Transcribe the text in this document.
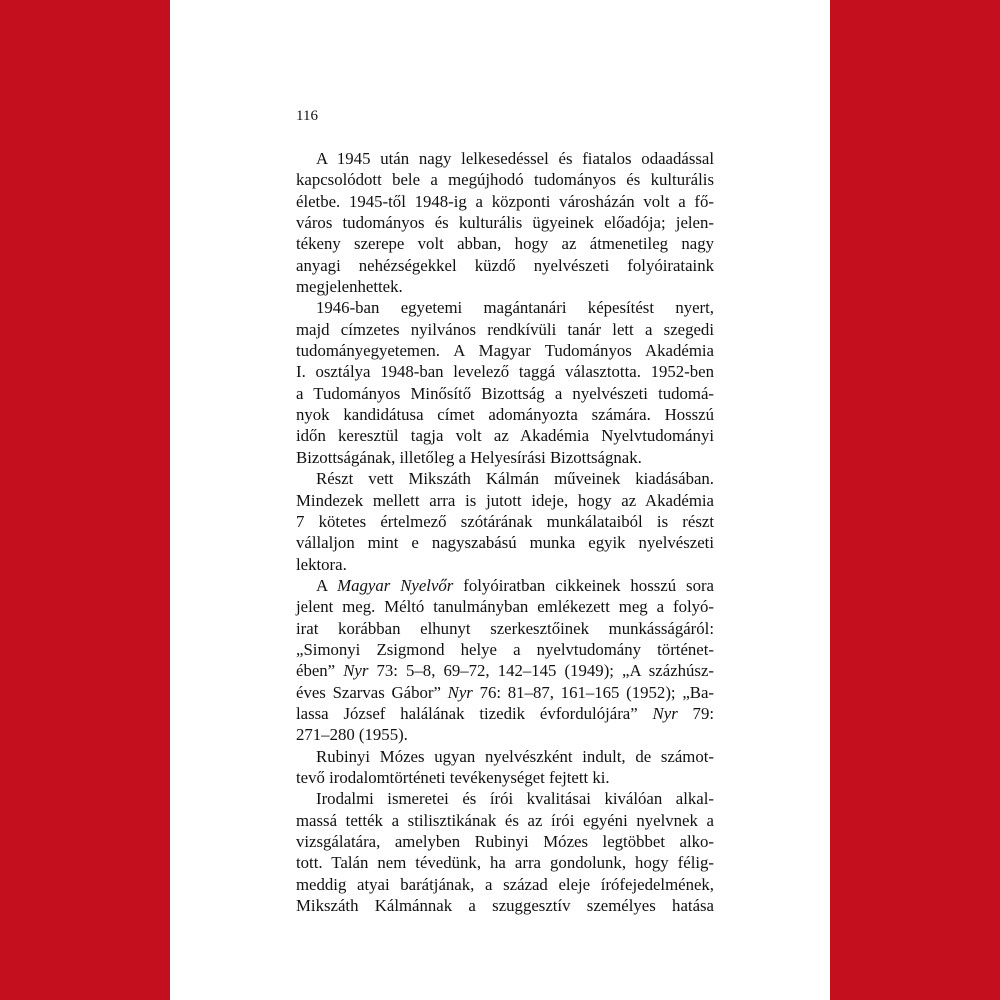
116
A 1945 után nagy lelkesedéssel és fiatalos odaadással
kapcsolódott bele a megújhodó tudományos és kulturális
életbe. 1945-től 1948-ig a központi városházán volt a fő-
város tudományos és kulturális ügyeinek előadója; jelen-
tékeny szerepe volt abban, hogy az átmenetileg nagy
anyagi nehézségekkel küzdő nyelvészeti folyóirataink
megjelenhettek.
1946-ban egyetemi magántanári képesítést nyert,
majd címzetes nyilvános rendkívüli tanár lett a szegedi
tudományegyetemen. A Magyar Tudományos Akadémia
I. osztálya 1948-ban levelező taggá választotta. 1952-ben
a Tudományos Minősítő Bizottság a nyelvészeti tudomá-
nyok kandidátusa címet adományozta számára. Hosszú
időn keresztül tagja volt az Akadémia Nyelvtudományi
Bizottságának, illetőleg a Helyesírási Bizottságnak.
Részt vett Mikszáth Kálmán műveinek kiadásában.
Mindezek mellett arra is jutott ideje, hogy az Akadémia
7 kötetes értelmező szótárának munkálataiból is részt
vállaljon mint e nagyszabású munka egyik nyelvészeti
lektora.
A Magyar Nyelvőr folyóiratban cikkeinek hosszú sora
jelent meg. Méltó tanulmányban emlékezett meg a folyó-
irat korábban elhunyt szerkesztőinek munkásságáról:
„Simonyi Zsigmond helye a nyelvtudomány történet-
ében” Nyr 73: 5–8, 69–72, 142–145 (1949); „A százhúsz-
éves Szarvas Gábor” Nyr 76: 81–87, 161–165 (1952); „Ba-
lassa József halálának tizedik évfordulójára” Nyr 79:
271–280 (1955).
Rubinyi Mózes ugyan nyelvészként indult, de számot-
tevő irodalomtörténeti tevékenységet fejtett ki.
Irodalmi ismeretei és írói kvalitásai kiválóan alkal-
massá tették a stilisztikának és az írói egyéni nyelvnek a
vizsgálatára, amelyben Rubinyi Mózes legtöbbet alko-
tott. Talán nem tévedünk, ha arra gondolunk, hogy félig-
meddig atyai barátjának, a század eleje írófejedelmének,
Mikszáth Kálmánnak a szuggesztív személyes hatása
